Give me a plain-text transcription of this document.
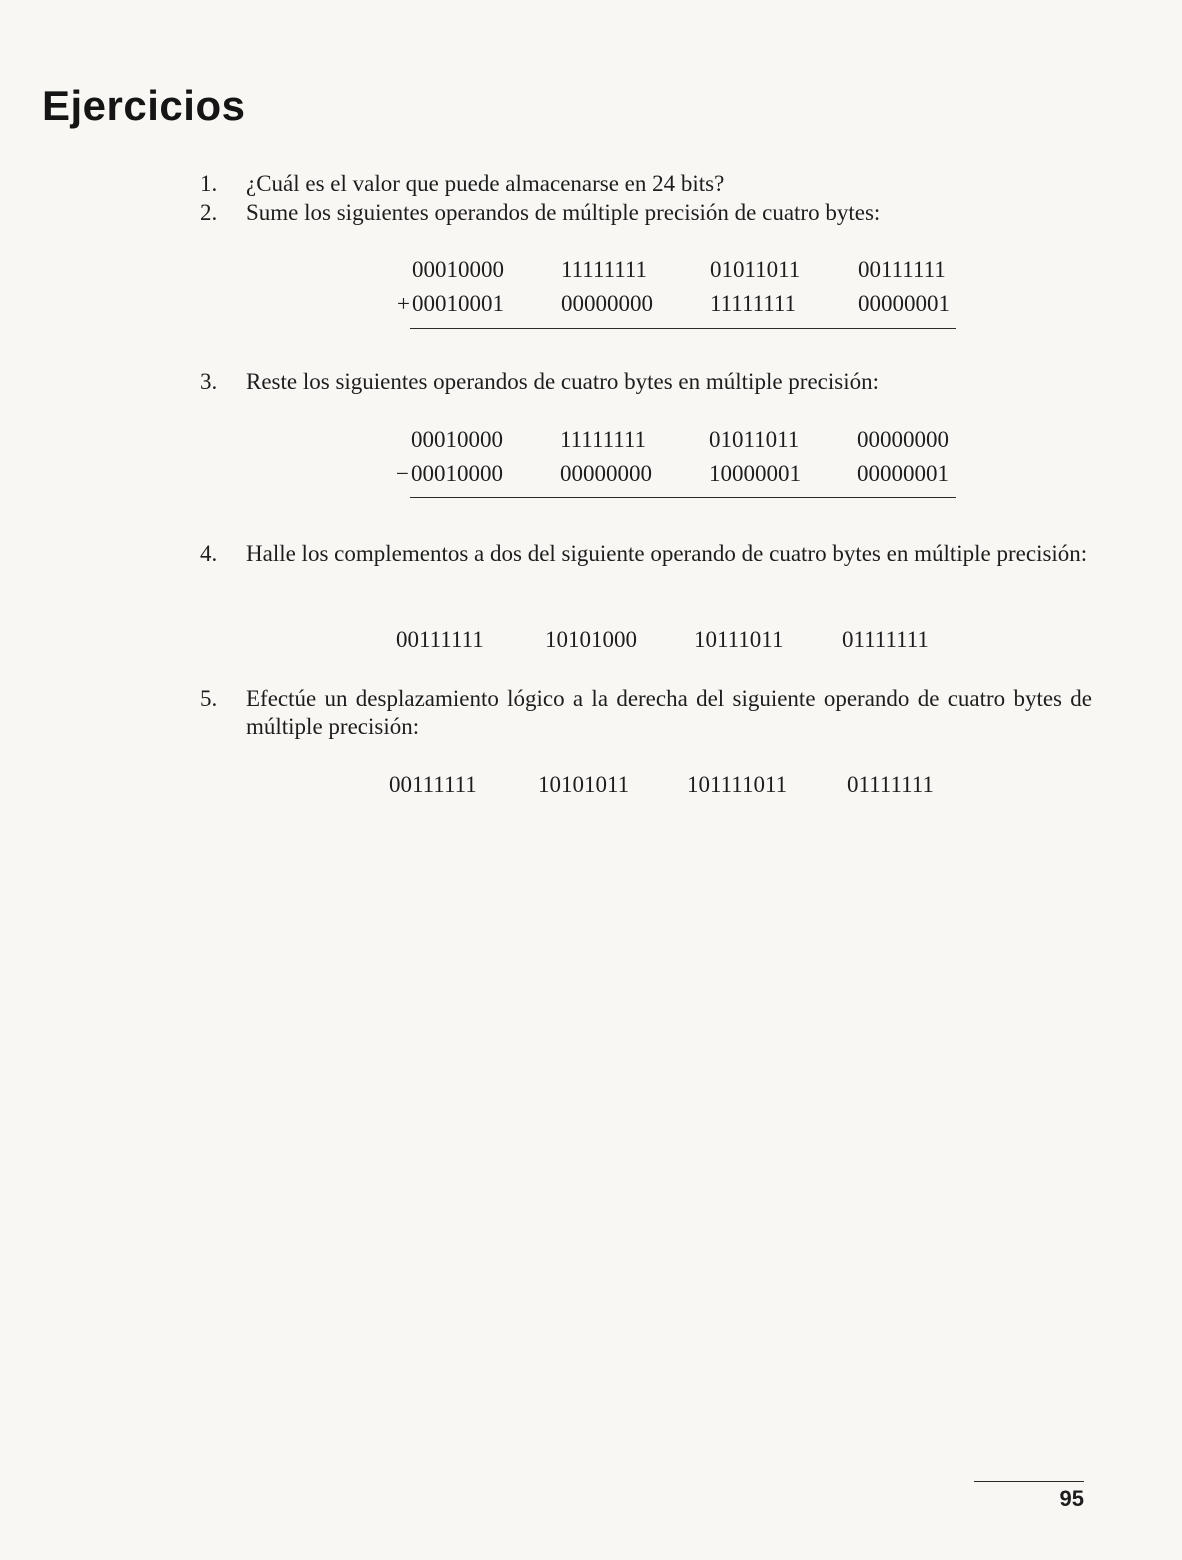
Ejercicios
1.	¿Cuál es el valor que puede almacenarse en 24 bits?
2.	Sume los siguientes operandos de múltiple precisión de cuatro bytes:
00010000 11111111	01011011	00111111
+ 00010001 00000000 11111111	00000001
3.	Reste los siguientes operandos de cuatro bytes en múltiple precisión:
00010000 11111111	01011011	00000000
− 00010000 00000000 10000001 00000001
4.	Halle los complementos a dos del siguiente operando de cuatro bytes en múltiple precisión:
00111111	10101000 10111011	01111111
5.	Efectúe un desplazamiento lógico a la derecha del siguiente operando de cuatro bytes de múltiple precisión:
00111111	10101011	101111011	01111111
95
